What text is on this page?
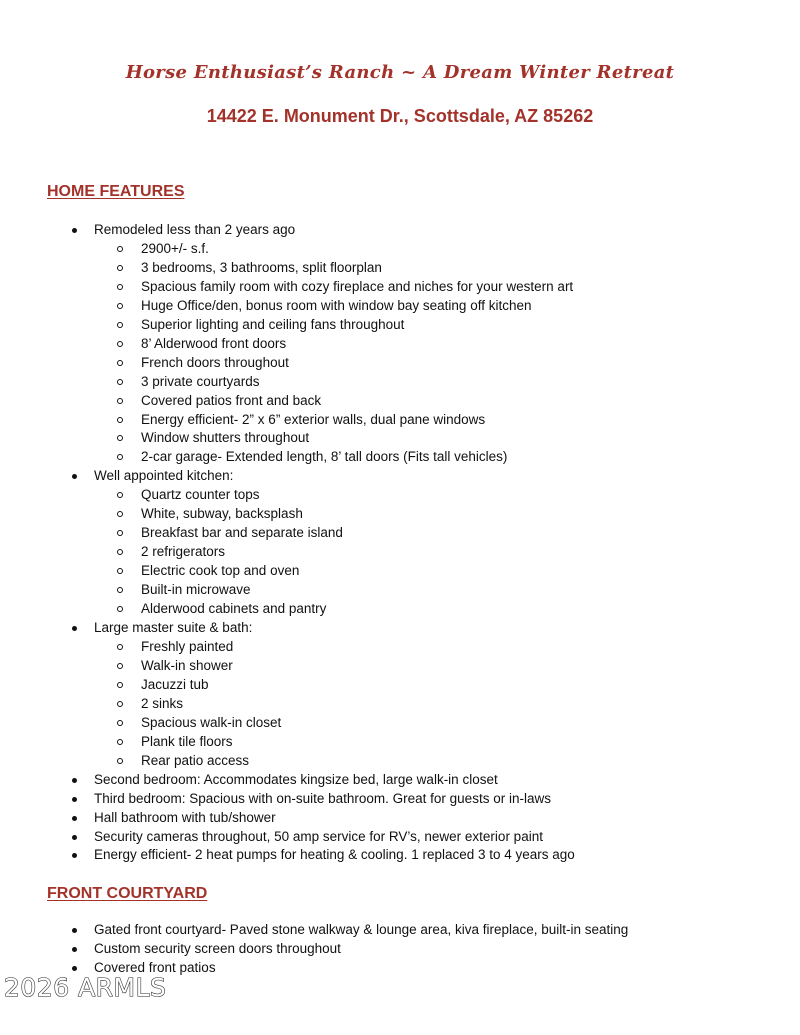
Horse Enthusiast’s Ranch ~ A Dream Winter Retreat
14422 E. Monument Dr., Scottsdale, AZ 85262
HOME FEATURES
Remodeled less than 2 years ago
2900+/- s.f.
3 bedrooms, 3 bathrooms, split floorplan
Spacious family room with cozy fireplace and niches for your western art
Huge Office/den, bonus room with window bay seating off kitchen
Superior lighting and ceiling fans throughout
8’ Alderwood front doors
French doors throughout
3 private courtyards
Covered patios front and back
Energy efficient- 2” x 6” exterior walls, dual pane windows
Window shutters throughout
2-car garage- Extended length, 8’ tall doors (Fits tall vehicles)
Well appointed kitchen:
Quartz counter tops
White, subway, backsplash
Breakfast bar and separate island
2 refrigerators
Electric cook top and oven
Built-in microwave
Alderwood cabinets and pantry
Large master suite & bath:
Freshly painted
Walk-in shower
Jacuzzi tub
2 sinks
Spacious walk-in closet
Plank tile floors
Rear patio access
Second bedroom: Accommodates kingsize bed, large walk-in closet
Third bedroom: Spacious with on-suite bathroom. Great for guests or in-laws
Hall bathroom with tub/shower
Security cameras throughout, 50 amp service for RV’s, newer exterior paint
Energy efficient- 2 heat pumps for heating & cooling. 1 replaced 3 to 4 years ago
FRONT COURTYARD
Gated front courtyard- Paved stone walkway & lounge area, kiva fireplace, built-in seating
Custom security screen doors throughout
Covered front patios
2026 ARMLS
